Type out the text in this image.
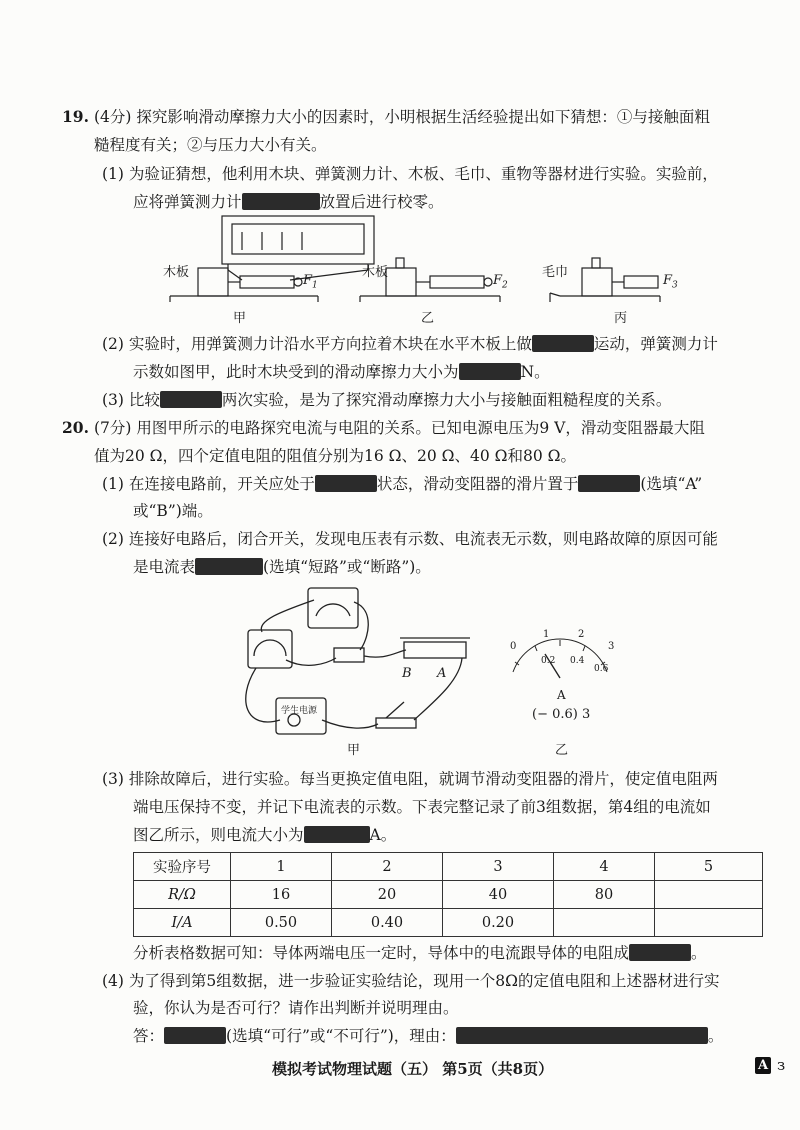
19. (4分) 探究影响滑动摩擦力大小的因素时，小明根据生活经验提出如下猜想：①与接触面粗
糙程度有关；②与压力大小有关。
(1) 为验证猜想，他利用木块、弹簧测力计、木板、毛巾、重物等器材进行实验。实验前，
应将弹簧测力计	放置后进行校零。
木板	木板	毛巾
$F_1$	$F_2$	$F_3$
甲	乙	丙
(2) 实验时，用弹簧测力计沿水平方向拉着木块在水平木板上做	运动，弹簧测力计
示数如图甲，此时木块受到的滑动摩擦力大小为	N。
(3) 比较	两次实验，是为了探究滑动摩擦力大小与接触面粗糙程度的关系。
20. (7分) 用图甲所示的电路探究电流与电阻的关系。已知电源电压为9 V，滑动变阻器最大阻
值为20 Ω，四个定值电阻的阻值分别为16 Ω、20 Ω、40 Ω和80 Ω。
(1) 在连接电路前，开关应处于	状态，滑动变阻器的滑片置于	(选填“A”
或“B”)端。
(2) 连接好电路后，闭合开关，发现电压表有示数、电流表无示数，则电路故障的原因可能
是电流表	(选填“短路”或“断路”)。
B A
学生电源
甲
0
1	2
3
0.2 0.4
0.6
A
(− 0.6) 3
乙
(3) 排除故障后，进行实验。每当更换定值电阻，就调节滑动变阻器的滑片，使定值电阻两
端电压保持不变，并记下电流表的示数。下表完整记录了前3组数据，第4组的电流如
图乙所示，则电流大小为	A。
实验序号	1	2	3	4	5
R/Ω	16	20	40	80	
I/A	0.50	0.40	0.20		
分析表格数据可知：导体两端电压一定时，导体中的电流跟导体的电阻成	。
(4) 为了得到第5组数据，进一步验证实验结论，现用一个8Ω的定值电阻和上述器材进行实
验，你认为是否可行？请作出判断并说明理由。
答：	(选填“可行”或“不可行”)，理由：	。
模拟考试物理试题（五） 第5页（共8页）	A з
